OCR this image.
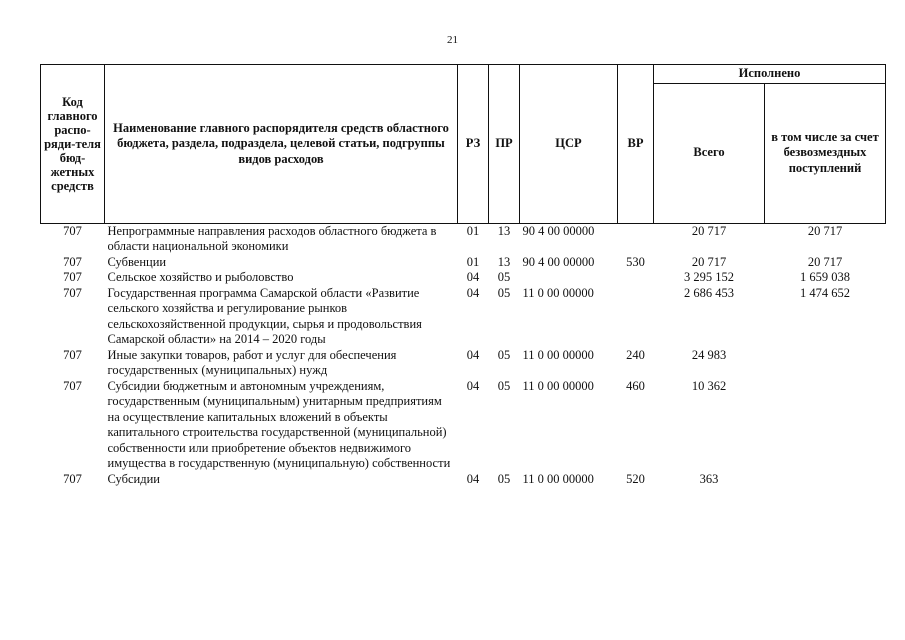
21
Код главного распо-ряди-теля бюд-жетных средств	Наименование главного распорядителя средств областного бюджета, раздела, подраздела, целевой статьи, подгруппы видов расходов	РЗ	ПР	ЦСР	ВР	Исполнено	
						Всего	в том числе за счет безвозмездных поступлений
707	Непрограммные направления расходов областного бюджета в области национальной экономики	01	13	90 4 00 00000		20 717	20 717
707	Субвенции	01	13	90 4 00 00000	530	20 717	20 717
707	Сельское хозяйство и рыболовство	04	05			3 295 152	1 659 038
707	Государственная программа Самарской области «Развитие сельского хозяйства и регулирование рынков сельскохозяйственной продукции, сырья и продовольствия Самарской области» на 2014 – 2020 годы	04	05	11 0 00 00000		2 686 453	1 474 652
707	Иные закупки товаров, работ и услуг для обеспечения государственных (муниципальных) нужд	04	05	11 0 00 00000	240	24 983	
707	Субсидии бюджетным и автономным учреждениям, государственным (муниципальным) унитарным предприятиям на осуществление капитальных вложений в объекты капитального строительства государственной (муниципальной) собственности или приобретение объектов недвижимого имущества в государственную (муниципальную) собственности	04	05	11 0 00 00000	460	10 362	
707	Субсидии	04	05	11 0 00 00000	520	363	
